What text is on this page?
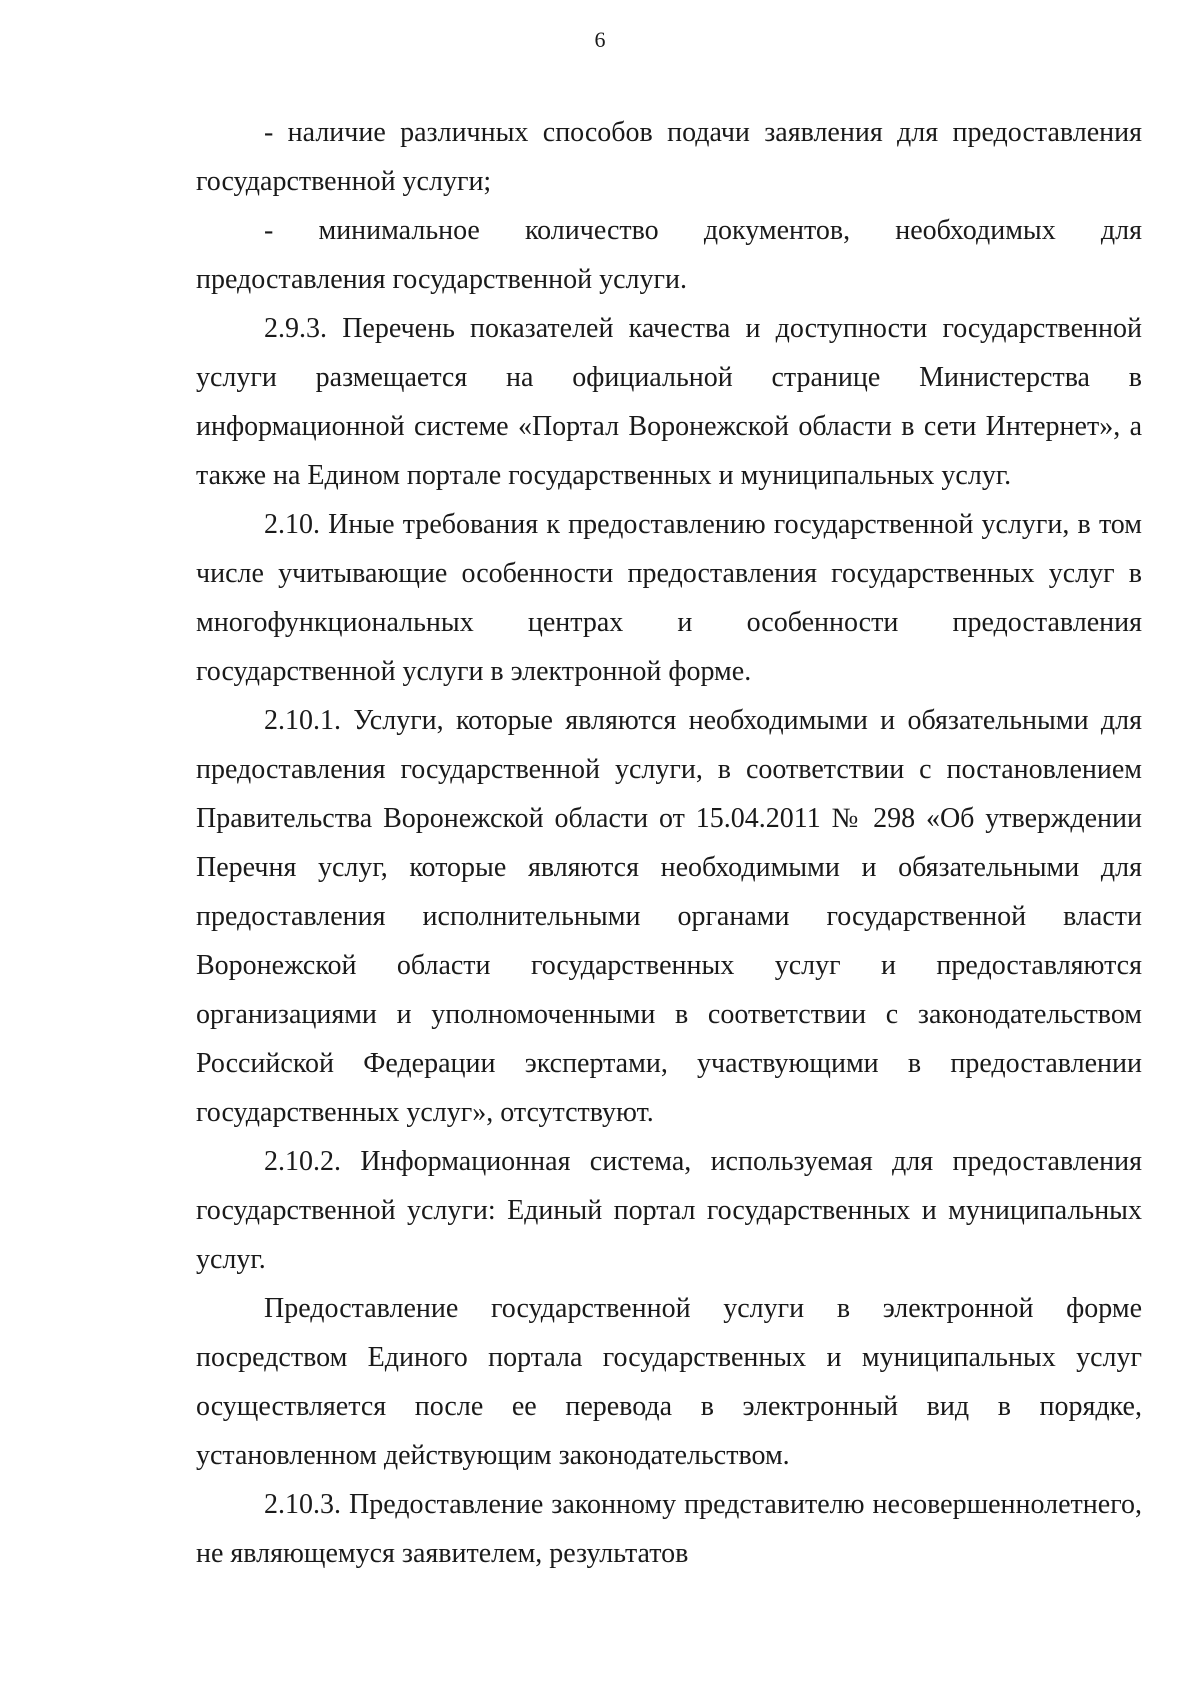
6

- наличие различных способов подачи заявления для предоставления государственной услуги;

- минимальное количество документов, необходимых для предоставления государственной услуги.

2.9.3. Перечень показателей качества и доступности государственной услуги размещается на официальной странице Министерства в информационной системе «Портал Воронежской области в сети Интернет», а также на Едином портале государственных и муниципальных услуг.

2.10. Иные требования к предоставлению государственной услуги, в том числе учитывающие особенности предоставления государственных услуг в многофункциональных центрах и особенности предоставления государственной услуги в электронной форме.

2.10.1. Услуги, которые являются необходимыми и обязательными для предоставления государственной услуги, в соответствии с постановлением Правительства Воронежской области от 15.04.2011 № 298 «Об утверждении Перечня услуг, которые являются необходимыми и обязательными для предоставления исполнительными органами государственной власти Воронежской области государственных услуг и предоставляются организациями и уполномоченными в соответствии с законодательством Российской Федерации экспертами, участвующими в предоставлении государственных услуг», отсутствуют.

2.10.2. Информационная система, используемая для предоставления государственной услуги: Единый портал государственных и муниципальных услуг.

Предоставление государственной услуги в электронной форме посредством Единого портала государственных и муниципальных услуг осуществляется после ее перевода в электронный вид в порядке, установленном действующим законодательством.

2.10.3. Предоставление законному представителю несовершеннолетнего, не являющемуся заявителем, результатов
